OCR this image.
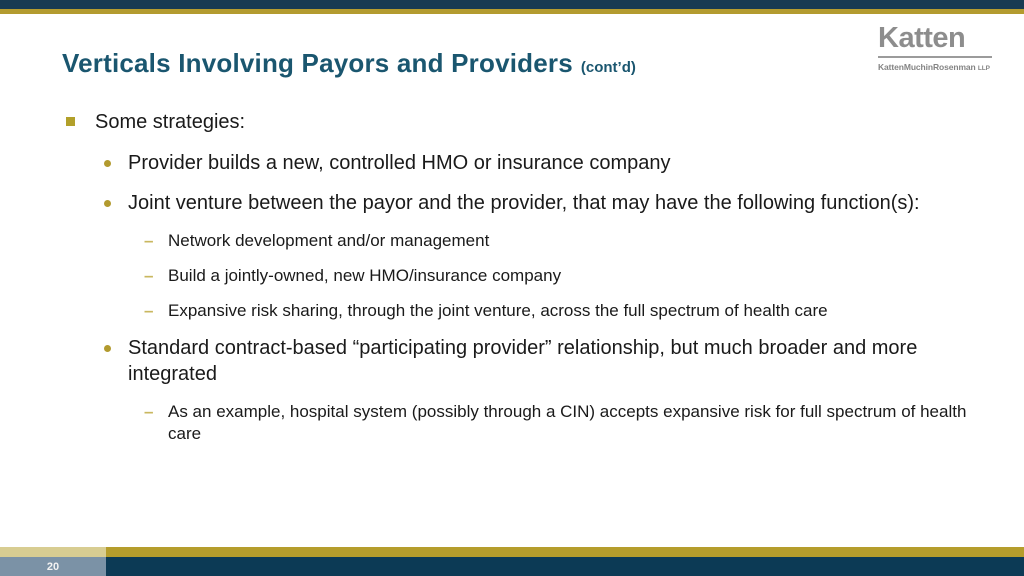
Verticals Involving Payors and Providers (cont’d)
Katten
KattenMuchinRosenman LLP
Some strategies:
Provider builds a new, controlled HMO or insurance company
Joint venture between the payor and the provider, that may have the following function(s):
– Network development and/or management
– Build a jointly-owned, new HMO/insurance company
– Expansive risk sharing, through the joint venture, across the full spectrum of health care
Standard contract-based “participating provider” relationship, but much broader and more integrated
– As an example, hospital system (possibly through a CIN) accepts expansive risk for full spectrum of health care
20
